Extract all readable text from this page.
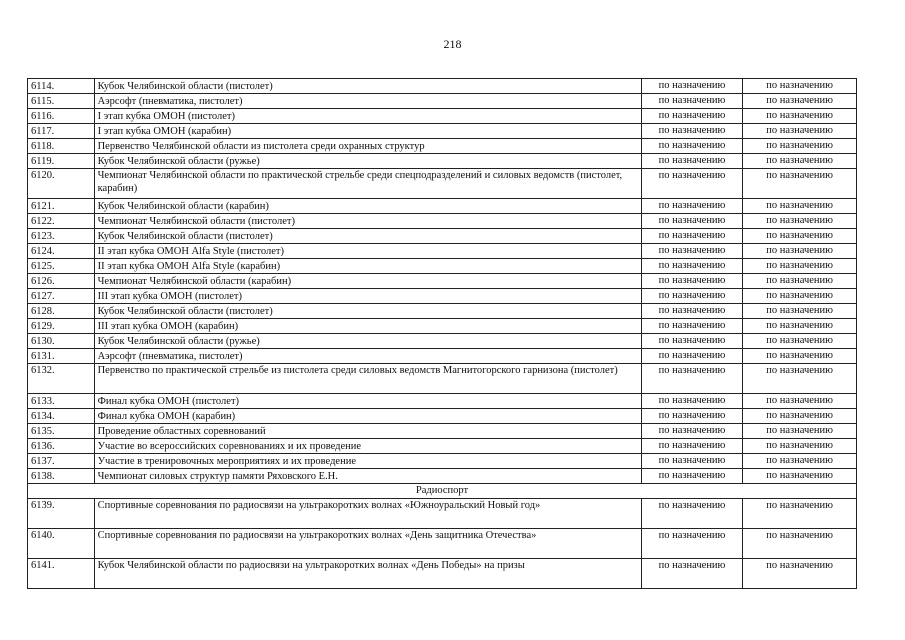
218
6114.	Кубок Челябинской области (пистолет)	по назначению	по назначению
6115.	Аэрсофт (пневматика, пистолет)	по назначению	по назначению
6116.	I этап кубка ОМОН (пистолет)	по назначению	по назначению
6117.	I этап кубка ОМОН (карабин)	по назначению	по назначению
6118.	Первенство Челябинской области из пистолета среди охранных структур	по назначению	по назначению
6119.	Кубок Челябинской области (ружье)	по назначению	по назначению
6120.	Чемпионат Челябинской области по практической стрельбе среди спецподразделений и силовых ведомств (пистолет, карабин)	по назначению	по назначению
6121.	Кубок Челябинской области (карабин)	по назначению	по назначению
6122.	Чемпионат Челябинской области (пистолет)	по назначению	по назначению
6123.	Кубок Челябинской области (пистолет)	по назначению	по назначению
6124.	II этап кубка ОМОН Alfa Style (пистолет)	по назначению	по назначению
6125.	II этап кубка ОМОН Alfa Style (карабин)	по назначению	по назначению
6126.	Чемпионат Челябинской области (карабин)	по назначению	по назначению
6127.	III этап кубка ОМОН (пистолет)	по назначению	по назначению
6128.	Кубок Челябинской области (пистолет)	по назначению	по назначению
6129.	III этап кубка ОМОН (карабин)	по назначению	по назначению
6130.	Кубок Челябинской области (ружье)	по назначению	по назначению
6131.	Аэрсофт (пневматика, пистолет)	по назначению	по назначению
6132.	Первенство по практической стрельбе из пистолета среди силовых ведомств Магнитогорского гарнизона (пистолет)	по назначению	по назначению
6133.	Финал кубка ОМОН (пистолет)	по назначению	по назначению
6134.	Финал кубка ОМОН (карабин)	по назначению	по назначению
6135.	Проведение областных соревнований	по назначению	по назначению
6136.	Участие во всероссийских соревнованиях и их проведение	по назначению	по назначению
6137.	Участие в тренировочных мероприятиях и их проведение	по назначению	по назначению
6138.	Чемпионат силовых структур памяти Ряховского Е.Н.	по назначению	по назначению
Радиоспорт			
6139.	Спортивные соревнования по радиосвязи на ультракоротких волнах «Южноуральский Новый год»	по назначению	по назначению
6140.	Спортивные соревнования по радиосвязи на ультракоротких волнах «День защитника Отечества»	по назначению	по назначению
6141.	Кубок Челябинской области по радиосвязи на ультракоротких волнах «День Победы» на призы	по назначению	по назначению
